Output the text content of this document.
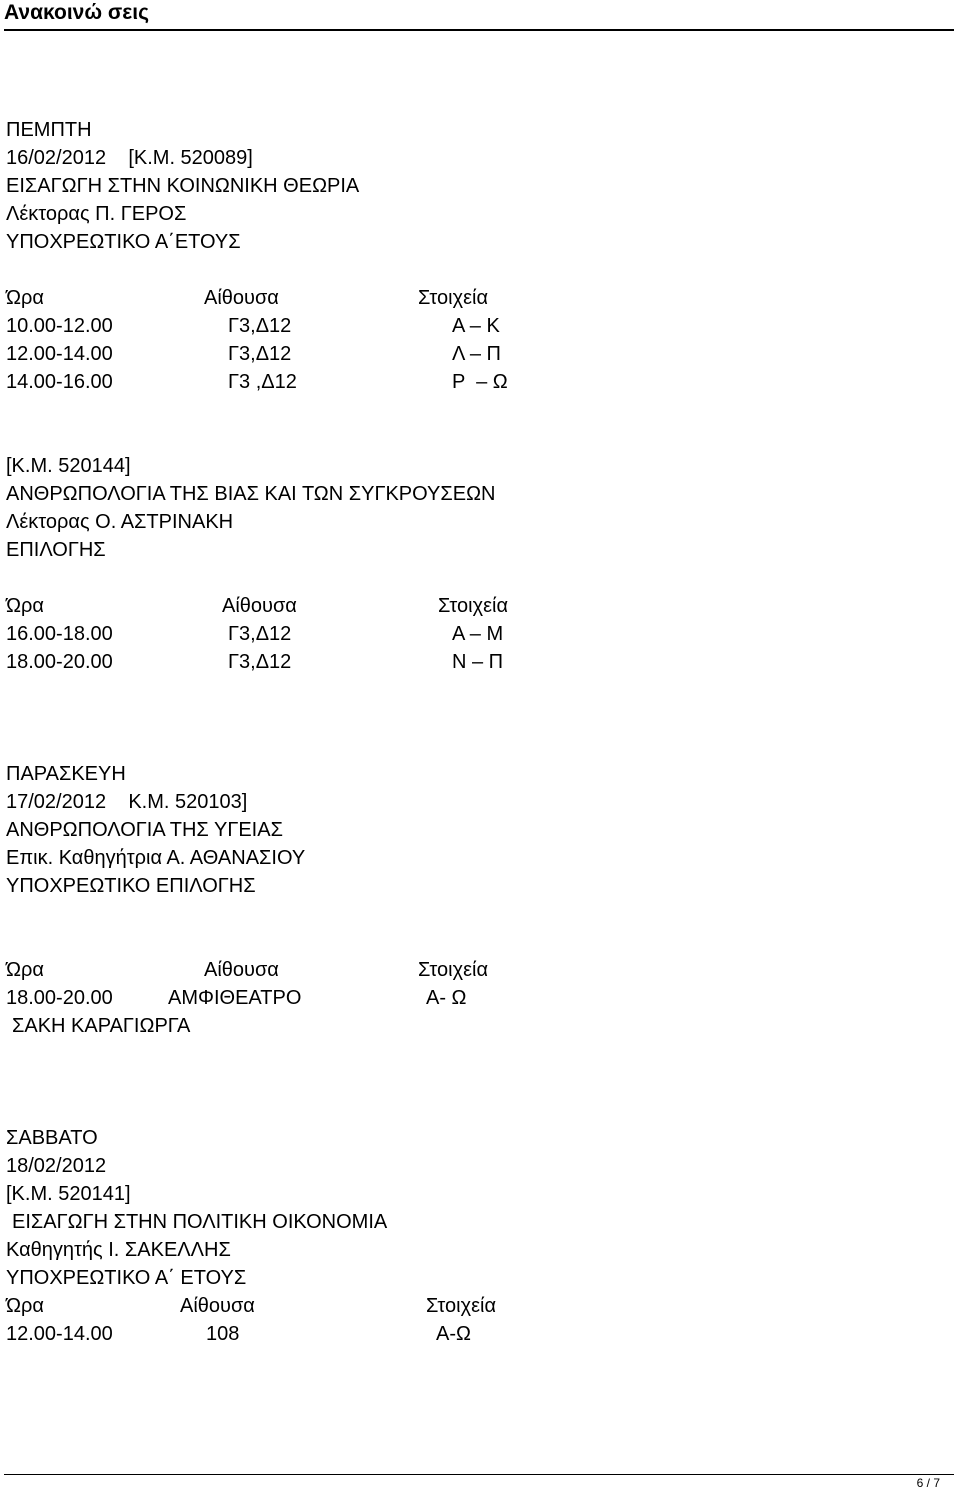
Ανακοινώ σεις
ΠΕΜΠΤΗ
16/02/2012    [Κ.Μ. 520089]
ΕΙΣΑΓΩΓΗ ΣΤΗΝ ΚΟΙΝΩΝΙΚΗ ΘΕΩΡΙΑ
Λέκτορας Π. ΓΕΡΟΣ
ΥΠΟΧΡΕΩΤΙΚΟ Α΄ΕΤΟΥΣ
Ώρα	Αίθουσα	Στοιχεία
10.00-12.00	Γ3,Δ12	Α – Κ
12.00-14.00	Γ3,Δ12	Λ – Π
14.00-16.00	Γ3 ,Δ12	Ρ  – Ω
[Κ.Μ. 520144]
ΑΝΘΡΩΠΟΛΟΓΙΑ ΤΗΣ ΒΙΑΣ ΚΑΙ ΤΩΝ ΣΥΓΚΡΟΥΣΕΩΝ
Λέκτορας Ο. ΑΣΤΡΙΝΑΚΗ
ΕΠΙΛΟΓΗΣ
Ώρα	Αίθουσα	Στοιχεία
16.00-18.00	Γ3,Δ12	Α – Μ
18.00-20.00	Γ3,Δ12	Ν – Π
ΠΑΡΑΣΚΕΥΗ
17/02/2012    Κ.Μ. 520103]
ΑΝΘΡΩΠΟΛΟΓΙΑ ΤΗΣ ΥΓΕΙΑΣ
Επικ. Καθηγήτρια Α. ΑΘΑΝΑΣΙΟΥ
ΥΠΟΧΡΕΩΤΙΚΟ ΕΠΙΛΟΓΗΣ
Ώρα	Αίθουσα	Στοιχεία
18.00-20.00	ΑΜΦΙΘΕΑΤΡΟ	Α- Ω
ΣΑΚΗ ΚΑΡΑΓΙΩΡΓΑ
ΣΑΒΒΑΤΟ
18/02/2012
[Κ.Μ. 520141]
ΕΙΣΑΓΩΓΗ ΣΤΗΝ ΠΟΛΙΤΙΚΗ ΟΙΚΟΝΟΜΙΑ
Καθηγητής Ι. ΣΑΚΕΛΛΗΣ
ΥΠΟΧΡΕΩΤΙΚΟ Α΄ ΕΤΟΥΣ
Ώρα	Αίθουσα	Στοιχεία
12.00-14.00	108	Α-Ω
6 / 7
